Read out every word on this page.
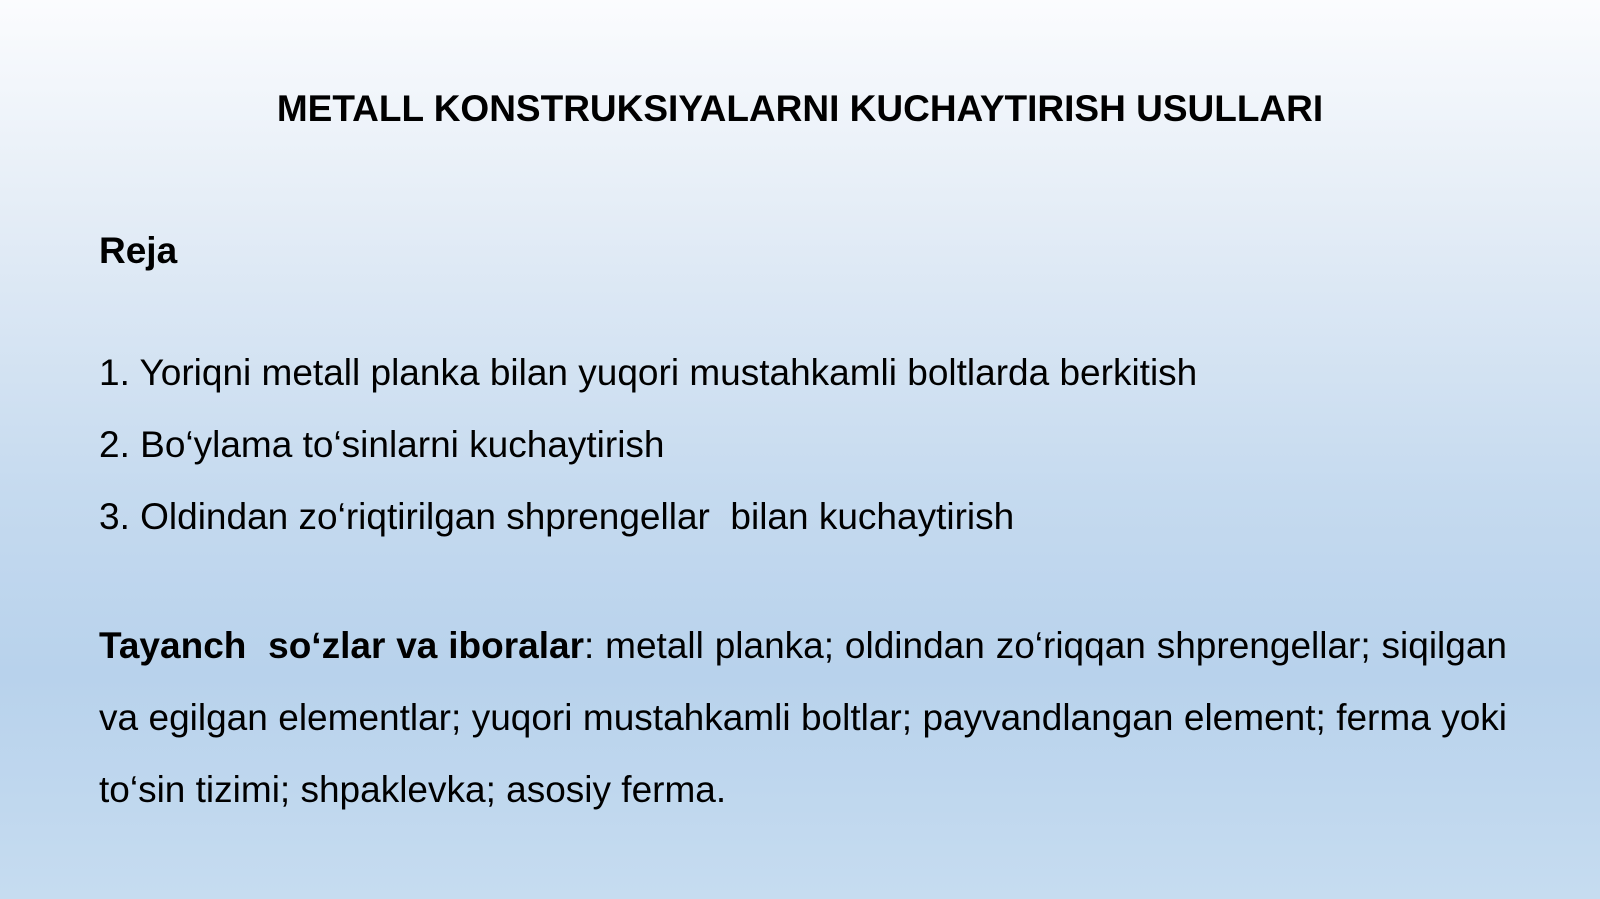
METALL KONSTRUKSIYALARNI KUCHAYTIRISH USULLARI
Reja
1. Yoriqni metall planka bilan yuqori mustahkamli boltlarda berkitish
2. Bo‘ylama to‘sinlarni kuchaytirish
3. Oldindan zo‘riqtirilgan shprengellar  bilan kuchaytirish

Tayanch  so‘zlar va iboralar: metall planka; oldindan zo‘riqqan shprengellar; siqilgan va egilgan elementlar; yuqori mustahkamli boltlar; payvandlangan element; ferma yoki to‘sin tizimi; shpaklevka; asosiy ferma.
